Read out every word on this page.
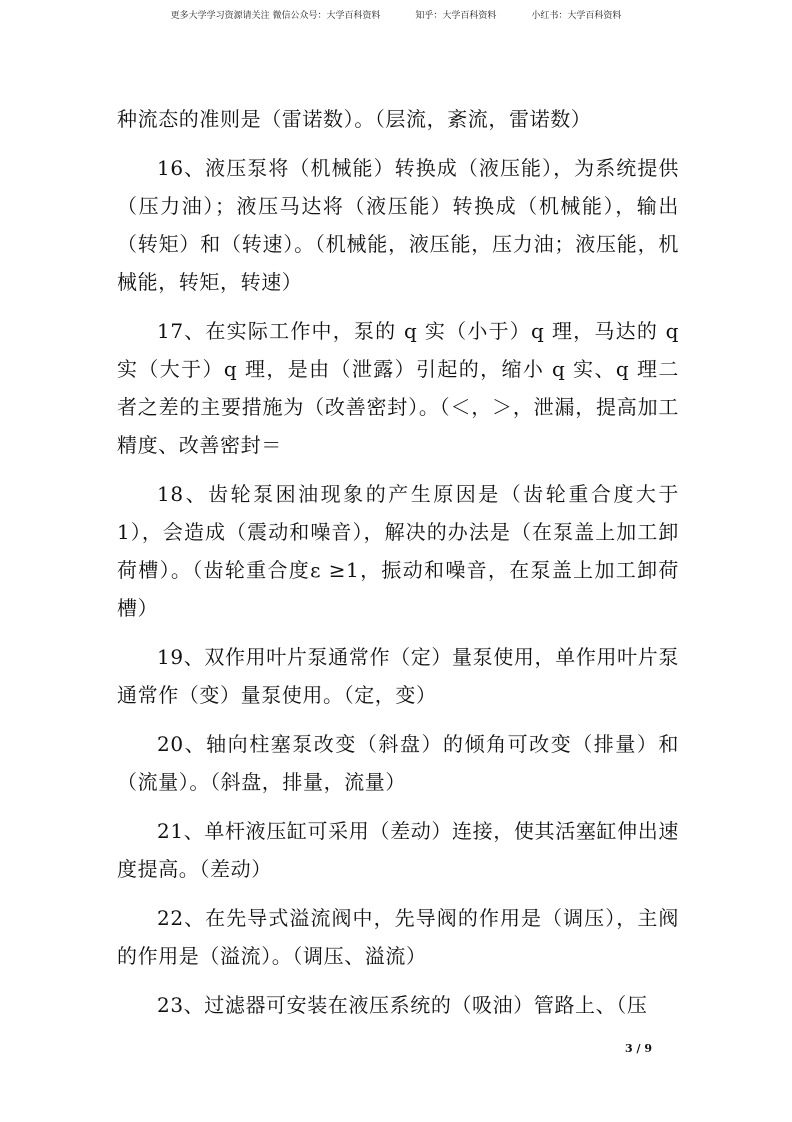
更多大学学习资源请关注 微信公众号：大学百科资料	知乎：大学百科资料	小红书：大学百科资料

种流态的准则是（雷诺数）。（层流，紊流，雷诺数）

16、液压泵将（机械能）转换成（液压能），为系统提供（压力油）；液压马达将（液压能）转换成（机械能），输出（转矩）和（转速）。（机械能，液压能，压力油；液压能，机械能，转矩，转速）

17、在实际工作中，泵的 q 实（小于）q 理，马达的 q 实（大于）q 理，是由（泄露）引起的，缩小 q 实、q 理二者之差的主要措施为（改善密封）。（＜，＞，泄漏，提高加工精度、改善密封＝

18、齿轮泵困油现象的产生原因是（齿轮重合度大于 1），会造成（震动和噪音），解决的办法是（在泵盖上加工卸荷槽）。（齿轮重合度ε ≥1，振动和噪音，在泵盖上加工卸荷槽）

19、双作用叶片泵通常作（定）量泵使用，单作用叶片泵通常作（变）量泵使用。（定，变）

20、轴向柱塞泵改变（斜盘）的倾角可改变（排量）和（流量）。（斜盘，排量，流量）

21、单杆液压缸可采用（差动）连接，使其活塞缸伸出速度提高。（差动）

22、在先导式溢流阀中，先导阀的作用是（调压），主阀的作用是（溢流）。（调压、溢流）

23、过滤器可安装在液压系统的（吸油）管路上、（压

3 / 9
